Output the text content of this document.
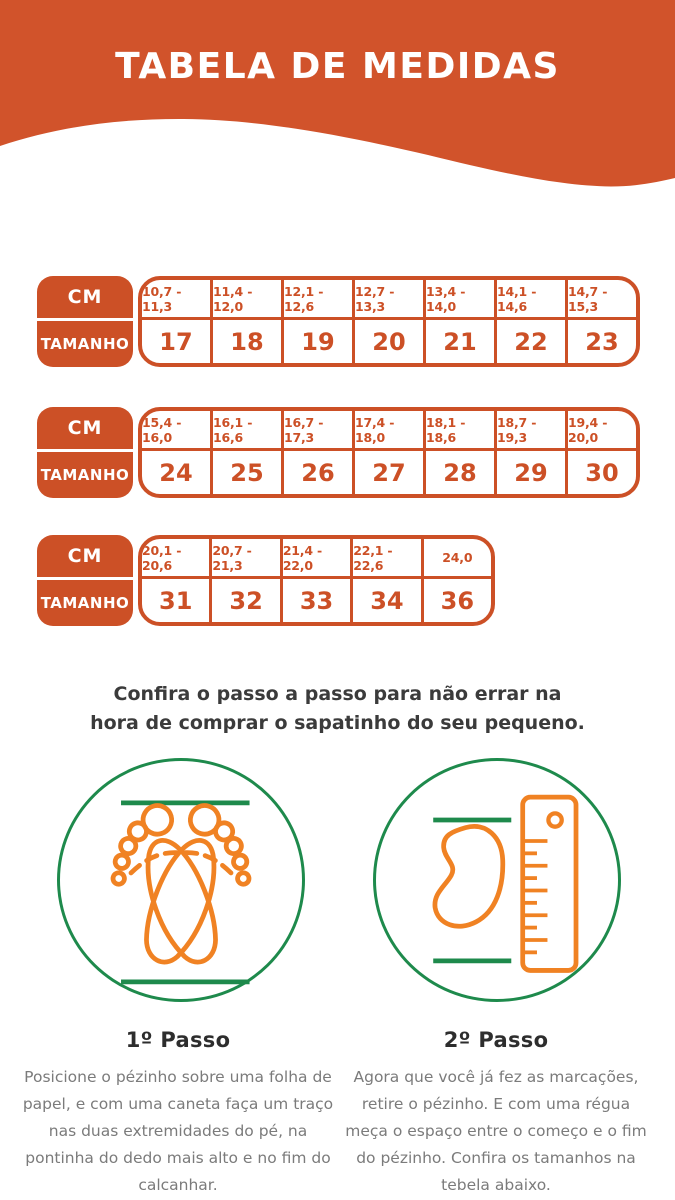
TABELA DE MEDIDAS
CM
TAMANHO
10,7 - 11,3
17
11,4 - 12,0
18
12,1 - 12,6
19
12,7 - 13,3
20
13,4 - 14,0
21
14,1 - 14,6
22
14,7 - 15,3
23
CM
TAMANHO
15,4 - 16,0
24
16,1 - 16,6
25
16,7 - 17,3
26
17,4 - 18,0
27
18,1 - 18,6
28
18,7 - 19,3
29
19,4 - 20,0
30
CM
TAMANHO
20,1 - 20,6
31
20,7 - 21,3
32
21,4 - 22,0
33
22,1 - 22,6
34
24,0
36
Confira o passo a passo para não errar na
hora de comprar o sapatinho do seu pequeno.
1º Passo

Posicione o pézinho sobre uma folha de papel, e com uma caneta faça um traço nas duas extremidades do pé, na pontinha do dedo mais alto e no fim do calcanhar.

2º Passo

Agora que você já fez as marcações, retire o pézinho. E com uma régua meça o espaço entre o começo e o fim do pézinho. Confira os tamanhos na tebela abaixo.
